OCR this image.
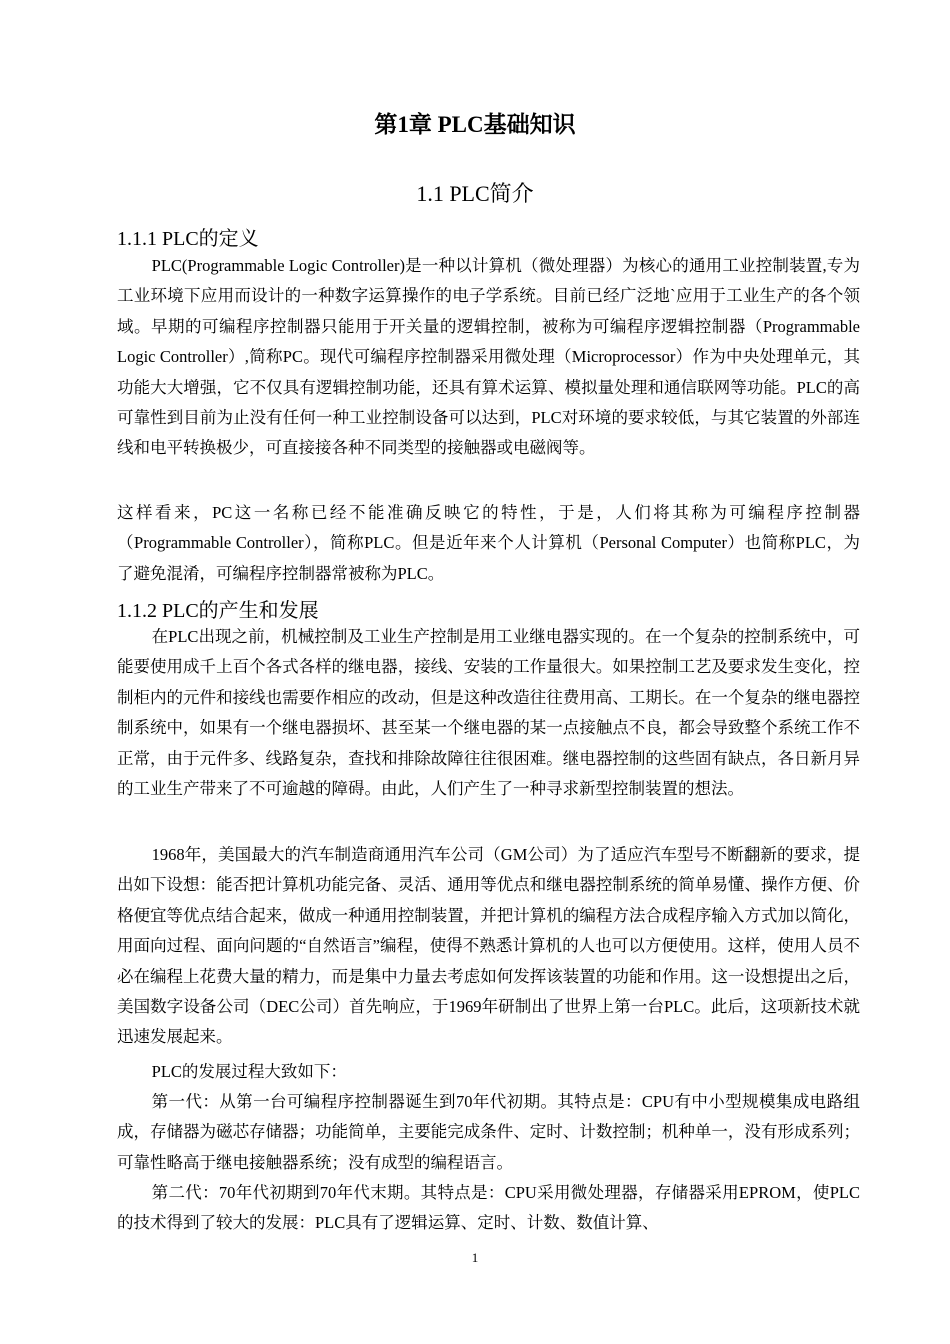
第1章 PLC基础知识
1.1 PLC简介
1.1.1 PLC的定义

PLC(Programmable Logic Controller)是一种以计算机（微处理器）为核心的通用工业控制装置,专为工业环境下应用而设计的一种数字运算操作的电子学系统。目前已经广泛地`应用于工业生产的各个领域。早期的可编程序控制器只能用于开关量的逻辑控制，被称为可编程序逻辑控制器（Programmable Logic Controller）,简称PC。现代可编程序控制器采用微处理（Microprocessor）作为中央处理单元，其功能大大增强，它不仅具有逻辑控制功能，还具有算术运算、模拟量处理和通信联网等功能。PLC的高可靠性到目前为止没有任何一种工业控制设备可以达到，PLC对环境的要求较低，与其它装置的外部连线和电平转换极少，可直接接各种不同类型的接触器或电磁阀等。

这样看来，PC这一名称已经不能准确反映它的特性，于是，人们将其称为可编程序控制器（Programmable Controller），简称PLC。但是近年来个人计算机（Personal Computer）也简称PLC，为了避免混淆，可编程序控制器常被称为PLC。

1.1.2 PLC的产生和发展

在PLC出现之前，机械控制及工业生产控制是用工业继电器实现的。在一个复杂的控制系统中，可能要使用成千上百个各式各样的继电器，接线、安装的工作量很大。如果控制工艺及要求发生变化，控制柜内的元件和接线也需要作相应的改动，但是这种改造往往费用高、工期长。在一个复杂的继电器控制系统中，如果有一个继电器损坏、甚至某一个继电器的某一点接触点不良，都会导致整个系统工作不正常，由于元件多、线路复杂，查找和排除故障往往很困难。继电器控制的这些固有缺点，各日新月异的工业生产带来了不可逾越的障碍。由此，人们产生了一种寻求新型控制装置的想法。

1968年，美国最大的汽车制造商通用汽车公司（GM公司）为了适应汽车型号不断翻新的要求，提出如下设想：能否把计算机功能完备、灵活、通用等优点和继电器控制系统的简单易懂、操作方便、价格便宜等优点结合起来，做成一种通用控制装置，并把计算机的编程方法合成程序输入方式加以简化，用面向过程、面向问题的“自然语言”编程，使得不熟悉计算机的人也可以方便使用。这样，使用人员不必在编程上花费大量的精力，而是集中力量去考虑如何发挥该装置的功能和作用。这一设想提出之后，美国数字设备公司（DEC公司）首先响应，于1969年研制出了世界上第一台PLC。此后，这项新技术就迅速发展起来。

PLC的发展过程大致如下：

第一代：从第一台可编程序控制器诞生到70年代初期。其特点是：CPU有中小型规模集成电路组成，存储器为磁芯存储器；功能简单，主要能完成条件、定时、计数控制；机种单一，没有形成系列；可靠性略高于继电接触器系统；没有成型的编程语言。

第二代：70年代初期到70年代末期。其特点是：CPU采用微处理器，存储器采用EPROM，使PLC的技术得到了较大的发展：PLC具有了逻辑运算、定时、计数、数值计算、

1
